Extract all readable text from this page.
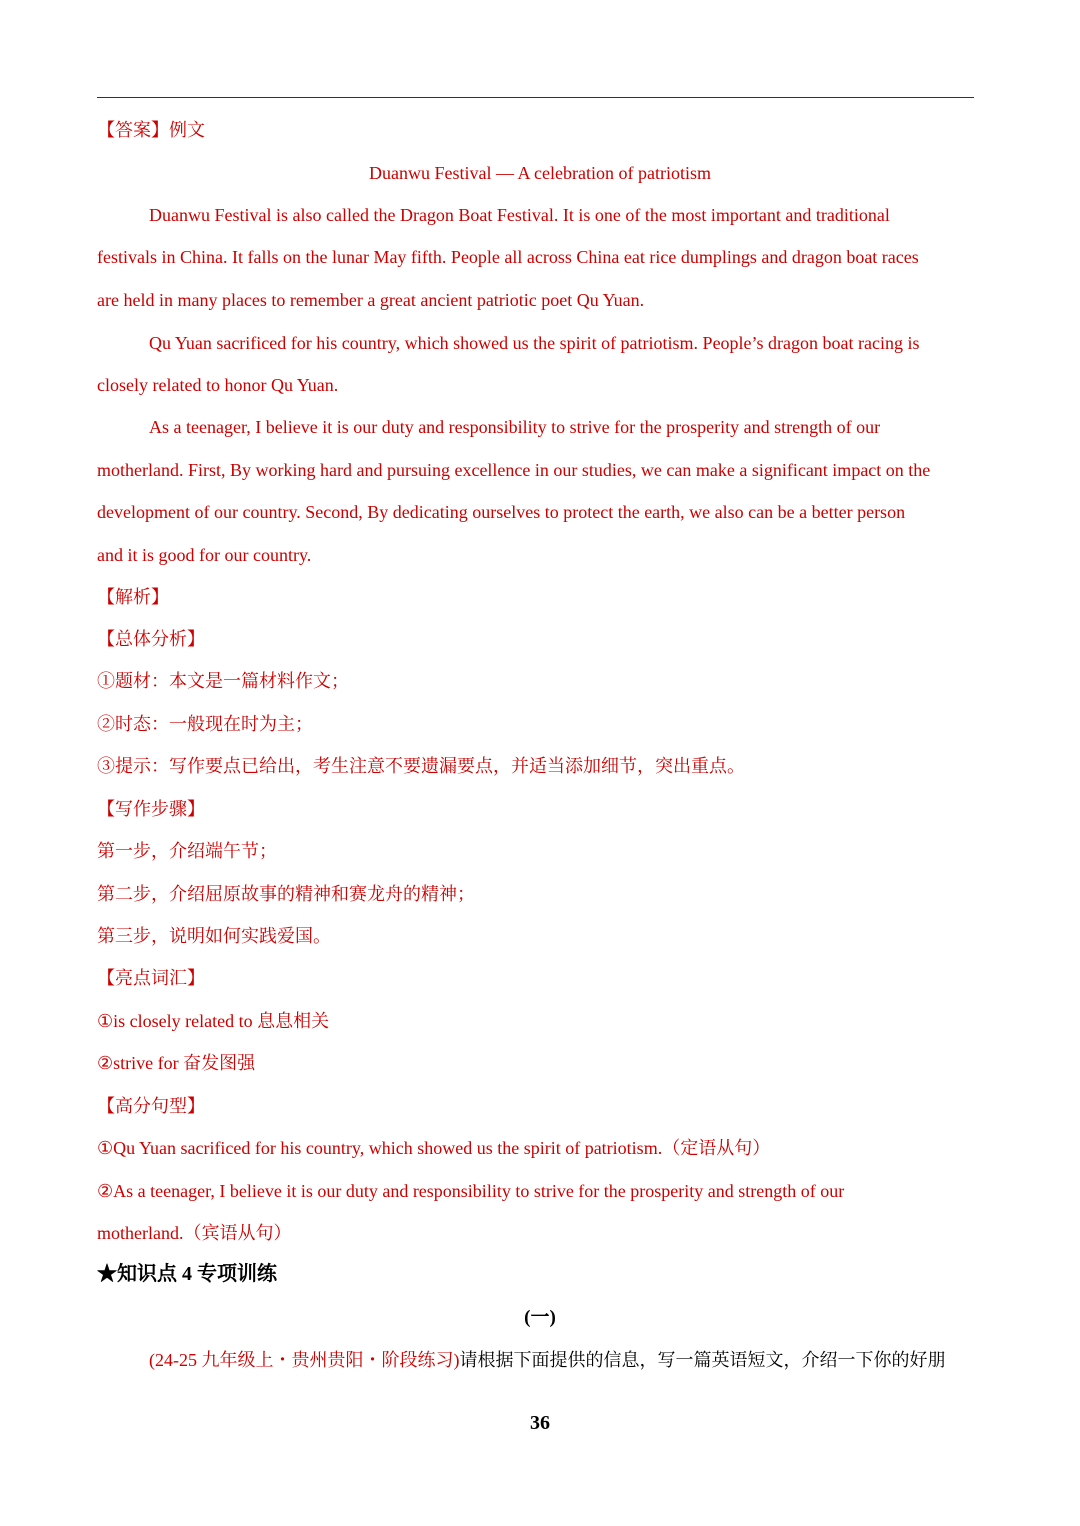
【答案】例文
Duanwu Festival — A celebration of patriotism
Duanwu Festival is also called the Dragon Boat Festival. It is one of the most important and traditional
festivals in China. It falls on the lunar May fifth. People all across China eat rice dumplings and dragon boat races
are held in many places to remember a great ancient patriotic poet Qu Yuan.
Qu Yuan sacrificed for his country, which showed us the spirit of patriotism. People’s dragon boat racing is
closely related to honor Qu Yuan.
As a teenager, I believe it is our duty and responsibility to strive for the prosperity and strength of our
motherland. First, By working hard and pursuing excellence in our studies, we can make a significant impact on the
development of our country. Second, By dedicating ourselves to protect the earth, we also can be a better person
and it is good for our country.
【解析】
【总体分析】
①题材：本文是一篇材料作文；
②时态：一般现在时为主；
③提示：写作要点已给出，考生注意不要遗漏要点，并适当添加细节，突出重点。
【写作步骤】
第一步，介绍端午节；
第二步，介绍屈原故事的精神和赛龙舟的精神；
第三步，说明如何实践爱国。
【亮点词汇】
①is closely related to 息息相关
②strive for 奋发图强
【高分句型】
①Qu Yuan sacrificed for his country, which showed us the spirit of patriotism.（定语从句）
②As a teenager, I believe it is our duty and responsibility to strive for the prosperity and strength of our
motherland.（宾语从句）
★知识点 4 专项训练
(一)
(24-25 九年级上・贵州贵阳・阶段练习)请根据下面提供的信息，写一篇英语短文，介绍一下你的好朋
36
